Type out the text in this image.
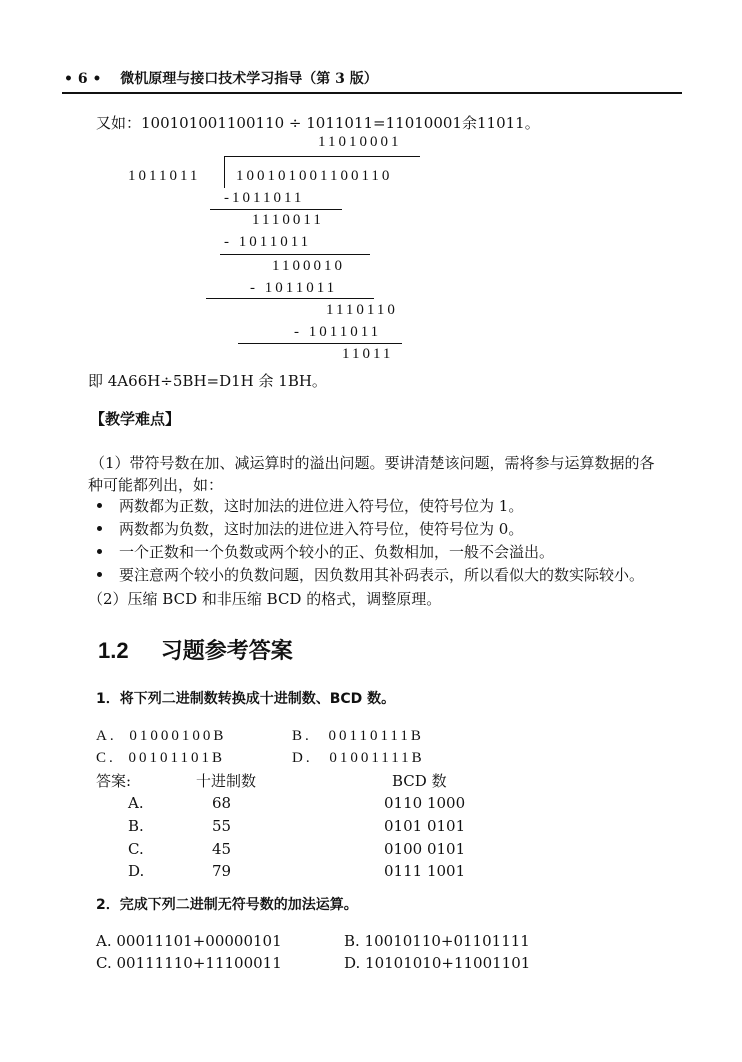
• 6 • 微机原理与接口技术学习指导（第 3 版）
又如：100101001100110 ÷ 1011011=11010001余11011。
11010001
1011011 100101001100110
-1011011
1110011
- 1011011
1100010
- 1011011
1110110
- 1011011
11011
即 4A66H÷5BH=D1H 余 1BH。
【教学难点】
（1）带符号数在加、减运算时的溢出问题。要讲清楚该问题，需将参与运算数据的各
种可能都列出，如：
两数都为正数，这时加法的进位进入符号位，使符号位为 1。
两数都为负数，这时加法的进位进入符号位，使符号位为 0。
一个正数和一个负数或两个较小的正、负数相加，一般不会溢出。
要注意两个较小的负数问题，因负数用其补码表示，所以看似大的数实际较小。
（2）压缩 BCD 和非压缩 BCD 的格式，调整原理。
1.2 习题参考答案
1．将下列二进制数转换成十进制数、BCD 数。
A. 01000100B	B. 00110111B
C. 00101101B	D. 01001111B
答案:	十进制数	BCD 数
A.	68	0110 1000
B.	55	0101 0101
C.	45	0100 0101
D.	79	0111 1001
2．完成下列二进制无符号数的加法运算。
A. 00011101+00000101	B. 10010110+01101111
C. 00111110+11100011	D. 10101010+11001101
